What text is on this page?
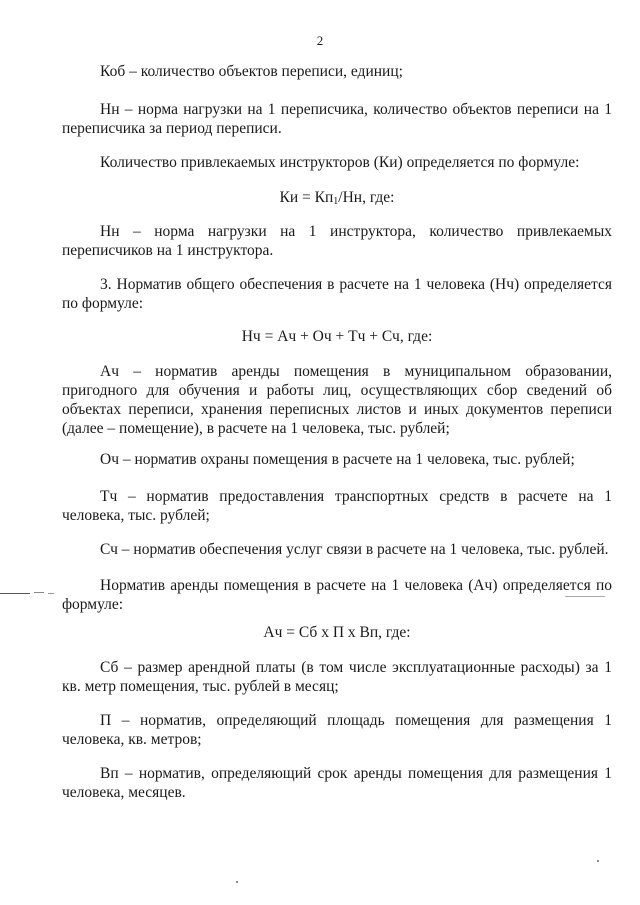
2
Коб – количество объектов переписи, единиц;
Нн – норма нагрузки на 1 переписчика, количество объектов переписи на 1 переписчика за период переписи.
Количество привлекаемых инструкторов (Ки) определяется по формуле:
Ки = $Кп_1/Нн$, где:
Нн – норма нагрузки на 1 инструктора, количество привлекаемых переписчиков на 1 инструктора.
3. Норматив общего обеспечения в расчете на 1 человека (Нч) определяется по формуле:
Нч = Ач + Оч + Тч + Сч, где:
Ач – норматив аренды помещения в муниципальном образовании, пригодного для обучения и работы лиц, осуществляющих сбор сведений об объектах переписи, хранения переписных листов и иных документов переписи (далее – помещение), в расчете на 1 человека, тыс. рублей;
Оч – норматив охраны помещения в расчете на 1 человека, тыс. рублей;
Тч – норматив предоставления транспортных средств в расчете на 1 человека, тыс. рублей;
Сч – норматив обеспечения услуг связи в расчете на 1 человека, тыс. рублей.
Норматив аренды помещения в расчете на 1 человека (Ач) определяется по формуле:
Ач = Сб х П х Вп, где:
Сб – размер арендной платы (в том числе эксплуатационные расходы) за 1 кв. метр помещения, тыс. рублей в месяц;
П – норматив, определяющий площадь помещения для размещения 1 человека, кв. метров;
Вп – норматив, определяющий срок аренды помещения для размещения 1 человека, месяцев.
